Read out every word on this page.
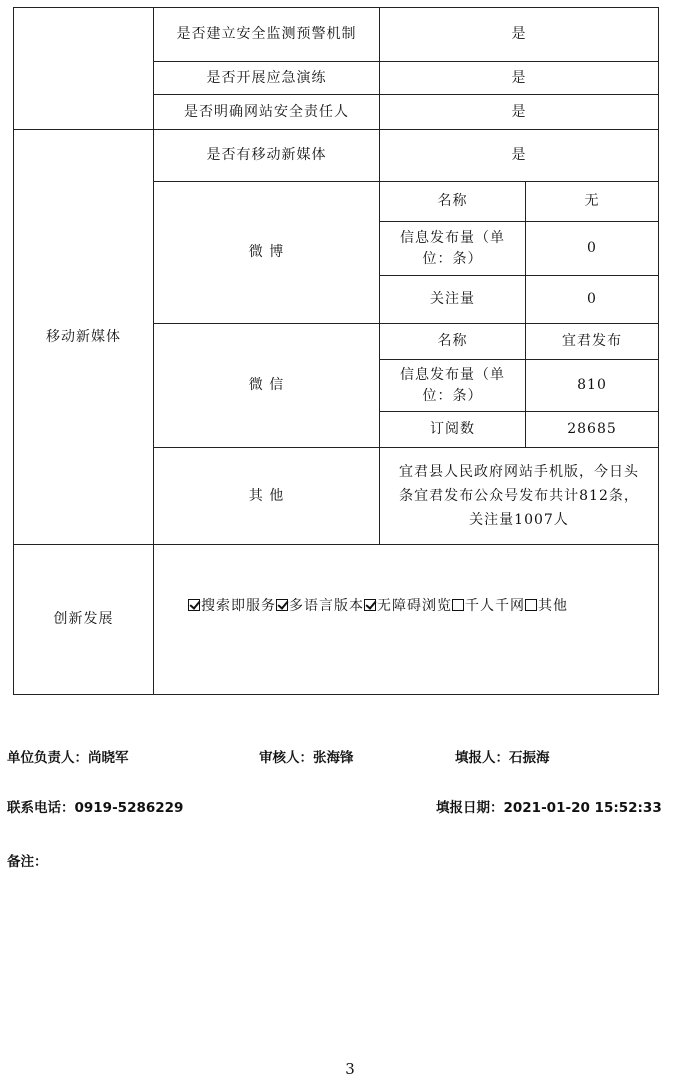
	是否建立安全监测预警机制	是	
	是否开展应急演练	是	
	是否明确网站安全责任人	是	
移动新媒体	是否有移动新媒体	是	
	微 博	名称	无
		信息发布量（单位：条）	0
		关注量	0
	微 信	名称	宜君发布
		信息发布量（单位：条）	810
		订阅数	28685
	其 他	宜君县人民政府网站手机版，今日头条宜君发布公众号发布共计812条，关注量1007人	

创新发展	搜索即服务 多语言版本 无障碍浏览 千人千网 其他		
单位负责人：尚晓军	审核人：张海锋	填报人：石振海
联系电话：0919-5286229	填报日期：2021-01-20 15:52:33
备注：
3
